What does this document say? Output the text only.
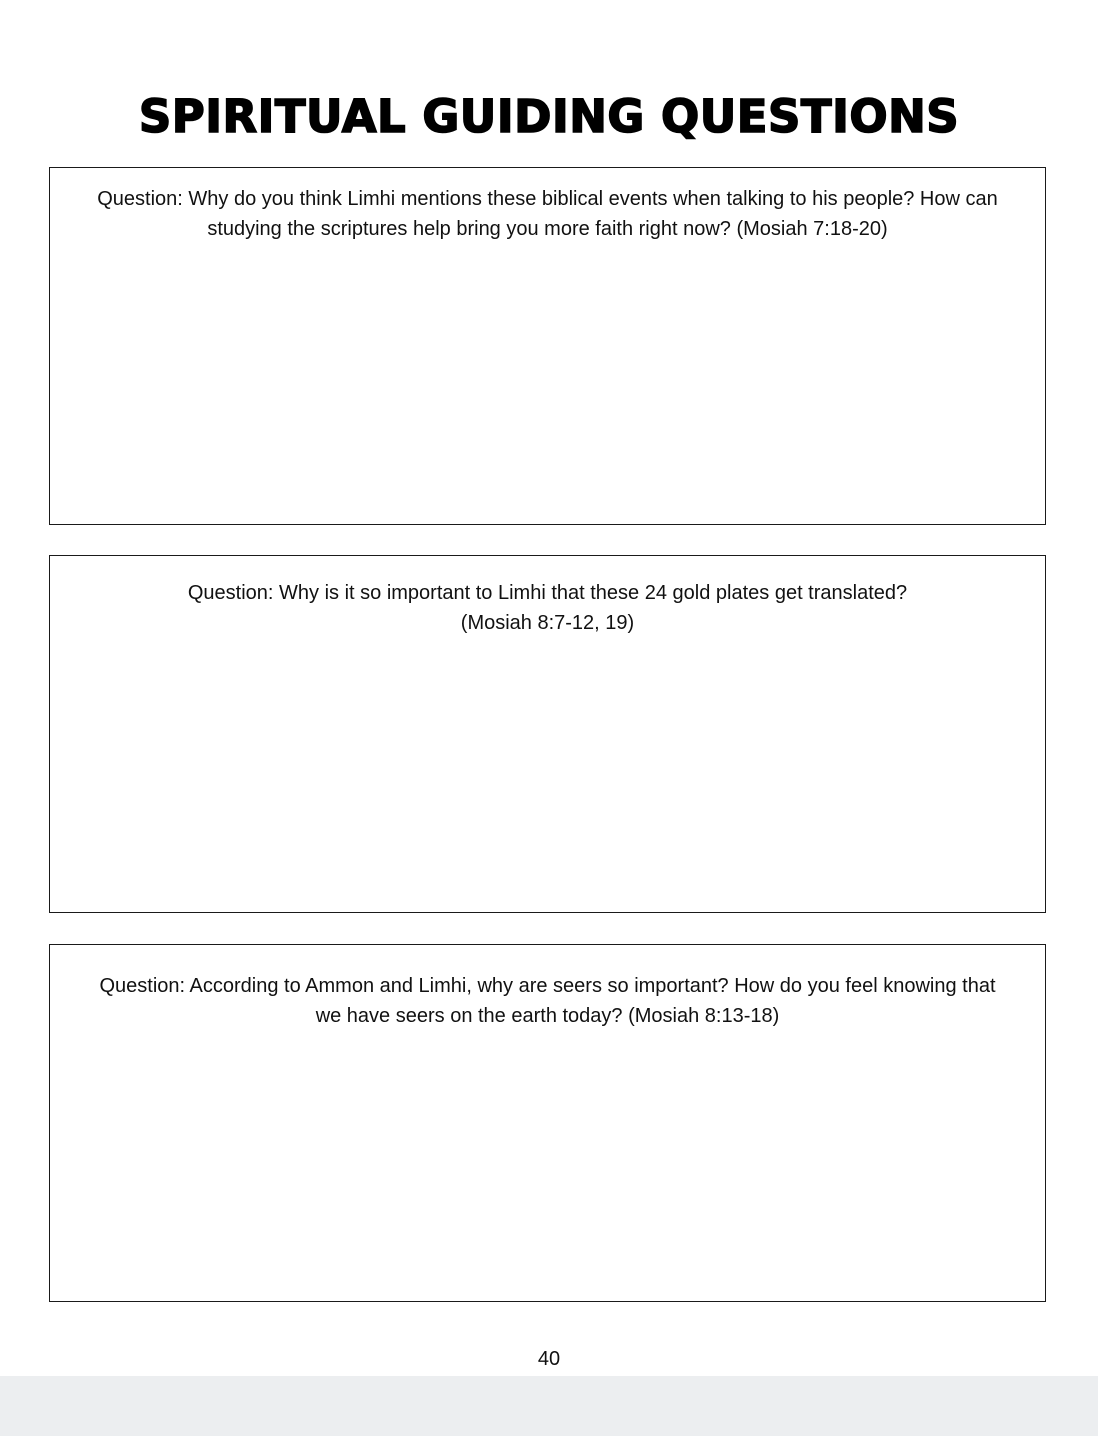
SPIRITUAL GUIDING QUESTIONS

Question: Why do you think Limhi mentions these biblical events when talking to his people? How can studying the scriptures help bring you more faith right now? (Mosiah 7:18-20)

Question: Why is it so important to Limhi that these 24 gold plates get translated? (Mosiah 8:7-12, 19)

Question: According to Ammon and Limhi, why are seers so important? How do you feel knowing that we have seers on the earth today? (Mosiah 8:13-18)

40
